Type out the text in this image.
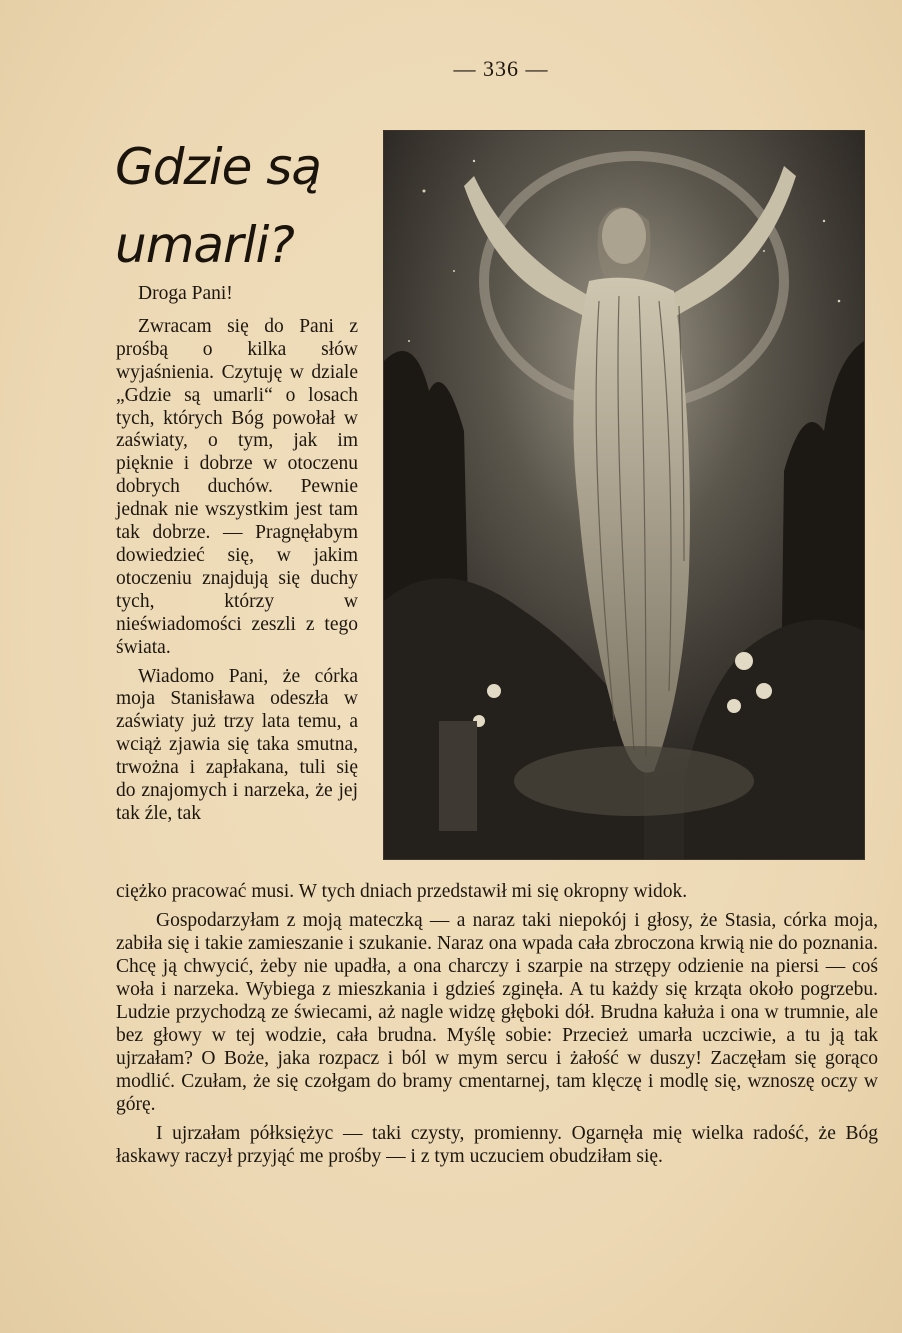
— 336 —
Gdzie są
umarli?

Droga Pani!

Zwracam się do Pani z prośbą o kilka słów wyjaśnienia. Czytuję w dziale „Gdzie są umarli“ o losach tych, których Bóg powołał w zaświaty, o tym, jak im pięknie i dobrze w otoczenu dobrych duchów. Pewnie jednak nie wszystkim jest tam tak dobrze. — Pragnęłabym dowiedzieć się, w jakim otoczeniu znajdują się duchy tych, którzy w nieświadomości zeszli z tego świata.

Wiadomo Pani, że córka moja Stanisława odeszła w zaświaty już trzy lata temu, a wciąż zjawia się taka smutna, trwożna i zapłakana, tuli się do znajomych i narzeka, że jej tak źle, tak

ciężko pracować musi. W tych dniach przedstawił mi się okropny widok.

Gospodarzyłam z moją mateczką — a naraz taki niepokój i głosy, że Stasia, córka moja, zabiła się i takie zamieszanie i szukanie. Naraz ona wpada cała zbroczona krwią nie do poznania. Chcę ją chwycić, żeby nie upadła, a ona charczy i szarpie na strzępy odzienie na piersi — coś woła i narzeka. Wybiega z mieszkania i gdzieś zginęła. A tu każdy się krząta około pogrzebu. Ludzie przychodzą ze świecami, aż nagle widzę głęboki dół. Brudna kałuża i ona w trumnie, ale bez głowy w tej wodzie, cała brudna. Myślę sobie: Przecież umarła uczciwie, a tu ją tak ujrzałam? O Boże, jaka rozpacz i ból w mym sercu i żałość w duszy! Zaczęłam się gorąco modlić. Czułam, że się czołgam do bramy cmentarnej, tam klęczę i modlę się, wznoszę oczy w górę.

I ujrzałam półksiężyc — taki czysty, promienny. Ogarnęła mię wielka radość, że Bóg łaskawy raczył przyjąć me prośby — i z tym uczuciem obudziłam się.
